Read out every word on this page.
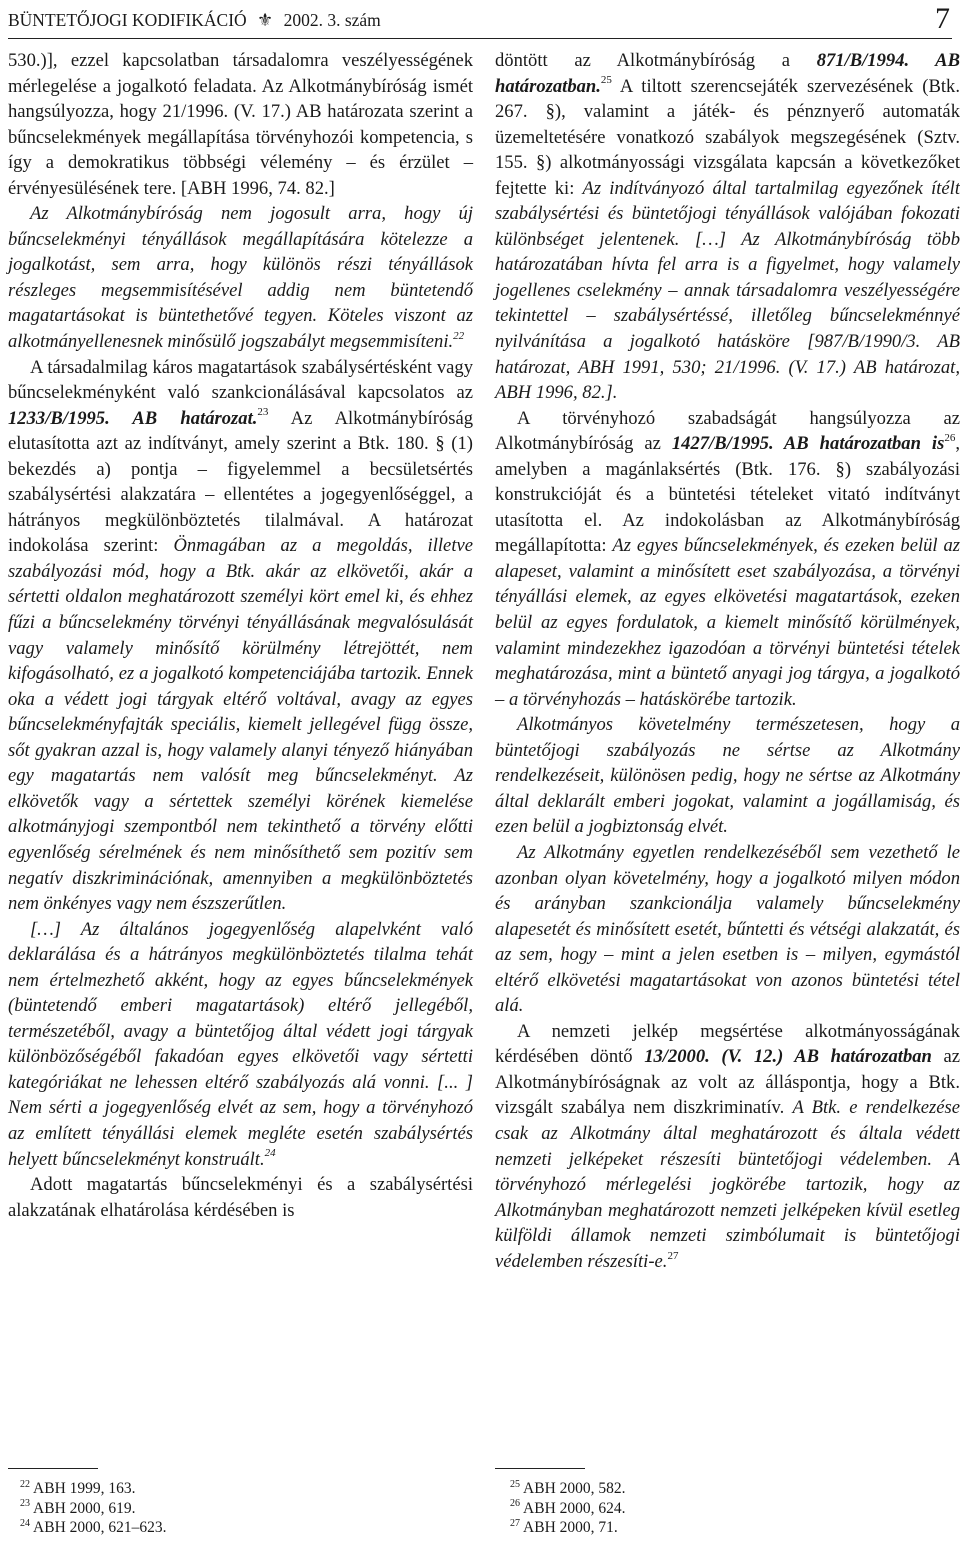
BÜNTETŐJOGI KODIFIKÁCIÓ ⚜ 2002. 3. szám	7

530.)], ezzel kapcsolatban társadalomra veszélyességének mérlegelése a jogalkotó feladata. Az Alkotmánybíróság ismét hangsúlyozza, hogy 21/1996. (V. 17.) AB határozata szerint a bűncselekmények megállapítása törvényhozói kompetencia, s így a demokratikus többségi vélemény – és érzület – érvényesülésének tere. [ABH 1996, 74. 82.]

Az Alkotmánybíróság nem jogosult arra, hogy új bűncselekményi tényállások megállapítására kötelezze a jogalkotást, sem arra, hogy különös részi tényállások részleges megsemmisítésével addig nem büntetendő magatartásokat is büntethetővé tegyen. Köteles viszont az alkotmányellenesnek minősülő jogszabályt megsemmisíteni.$^{22}$

A társadalmilag káros magatartások szabálysértésként vagy bűncselekményként való szankcionálásával kapcsolatos az 1233/B/1995. AB határozat.$^{23}$ Az Alkotmánybíróság elutasította azt az indítványt, amely szerint a Btk. 180. § (1) bekezdés a) pontja – figyelemmel a becsületsértés szabálysértési alakzatára – ellentétes a jogegyenlőséggel, a hátrányos megkülönböztetés tilalmával. A határozat indokolása szerint: Önmagában az a megoldás, illetve szabályozási mód, hogy a Btk. akár az elkövetői, akár a sértetti oldalon meghatározott személyi kört emel ki, és ehhez fűzi a bűncselekmény törvényi tényállásának megvalósulását vagy valamely minősítő körülmény létrejöttét, nem kifogásolható, ez a jogalkotó kompetenciájába tartozik. Ennek oka a védett jogi tárgyak eltérő voltával, avagy az egyes bűncselekményfajták speciális, kiemelt jellegével függ össze, sőt gyakran azzal is, hogy valamely alanyi tényező hiányában egy magatartás nem valósít meg bűncselekményt. Az elkövetők vagy a sértettek személyi körének kiemelése alkotmányjogi szempontból nem tekinthető a törvény előtti egyenlőség sérelmének és nem minősíthető sem pozitív sem negatív diszkriminációnak, amennyiben a megkülönböztetés nem önkényes vagy nem észszerűtlen.

[…] Az általános jogegyenlőség alapelvként való deklarálása és a hátrányos megkülönböztetés tilalma tehát nem értelmezhető akként, hogy az egyes bűncselekmények (büntetendő emberi magatartások) eltérő jellegéből, természetéből, avagy a büntetőjog által védett jogi tárgyak különbözőségéből fakadóan egyes elkövetői vagy sértetti kategóriákat ne lehessen eltérő szabályozás alá vonni. [... ] Nem sérti a jogegyenlőség elvét az sem, hogy a törvényhozó az említett tényállási elemek megléte esetén szabálysértés helyett bűncselekményt konstruált.$^{24}$

Adott magatartás bűncselekményi és a szabálysértési alakzatának elhatárolása kérdésében is

döntött az Alkotmánybíróság a 871/B/1994. AB határozatban.$^{25}$ A tiltott szerencsejáték szervezésének (Btk. 267. §), valamint a játék- és pénznyerő automaták üzemeltetésére vonatkozó szabályok megszegésének (Sztv. 155. §) alkotmányossági vizsgálata kapcsán a következőket fejtette ki: Az indítványozó által tartalmilag egyezőnek ítélt szabálysértési és büntetőjogi tényállások valójában fokozati különbséget jelentenek. […] Az Alkotmánybíróság több határozatában hívta fel arra is a figyelmet, hogy valamely jogellenes cselekmény – annak társadalomra veszélyességére tekintettel – szabálysértéssé, illetőleg bűncselekménnyé nyilvánítása a jogalkotó hatásköre [987/B/1990/3. AB határozat, ABH 1991, 530; 21/1996. (V. 17.) AB határozat, ABH 1996, 82.].

A törvényhozó szabadságát hangsúlyozza az Alkotmánybíróság az 1427/B/1995. AB határozatban $is^{26}$, amelyben a magánlaksértés (Btk. 176. §) szabályozási konstrukcióját és a büntetési tételeket vitató indítványt utasította el. Az indokolásban az Alkotmánybíróság megállapította: Az egyes bűncselekmények, és ezeken belül az alapeset, valamint a minősített eset szabályozása, a törvényi tényállási elemek, az egyes elkövetési magatartások, ezeken belül az egyes fordulatok, a kiemelt minősítő körülmények, valamint mindezekhez igazodóan a törvényi büntetési tételek meghatározása, mint a büntető anyagi jog tárgya, a jogalkotó – a törvényhozás – hatáskörébe tartozik.

Alkotmányos követelmény természetesen, hogy a büntetőjogi szabályozás ne sértse az Alkotmány rendelkezéseit, különösen pedig, hogy ne sértse az Alkotmány által deklarált emberi jogokat, valamint a jogállamiság, és ezen belül a jogbiztonság elvét.

Az Alkotmány egyetlen rendelkezéséből sem vezethető le azonban olyan követelmény, hogy a jogalkotó milyen módon és arányban szankcionálja valamely bűncselekmény alapesetét és minősített esetét, bűntetti és vétségi alakzatát, és az sem, hogy – mint a jelen esetben is – milyen, egymástól eltérő elkövetési magatartásokat von azonos büntetési tétel alá.

A nemzeti jelkép megsértése alkotmányosságának kérdésében döntő 13/2000. (V. 12.) AB határozatban az Alkotmánybíróságnak az volt az álláspontja, hogy a Btk. vizsgált szabálya nem diszkriminatív. A Btk. e rendelkezése csak az Alkotmány által meghatározott és általa védett nemzeti jelképeket részesíti büntetőjogi védelemben. A törvényhozó mérlegelési jogkörébe tartozik, hogy az Alkotmányban meghatározott nemzeti jelképeken kívül esetleg külföldi államok nemzeti szimbólumait is büntetőjogi védelemben részesíti-e.$^{27}$

$^{22}$ ABH 1999, 163.
$^{23}$ ABH 2000, 619.
$^{24}$ ABH 2000, 621–623.
$^{25}$ ABH 2000, 582.
$^{26}$ ABH 2000, 624.
$^{27}$ ABH 2000, 71.
